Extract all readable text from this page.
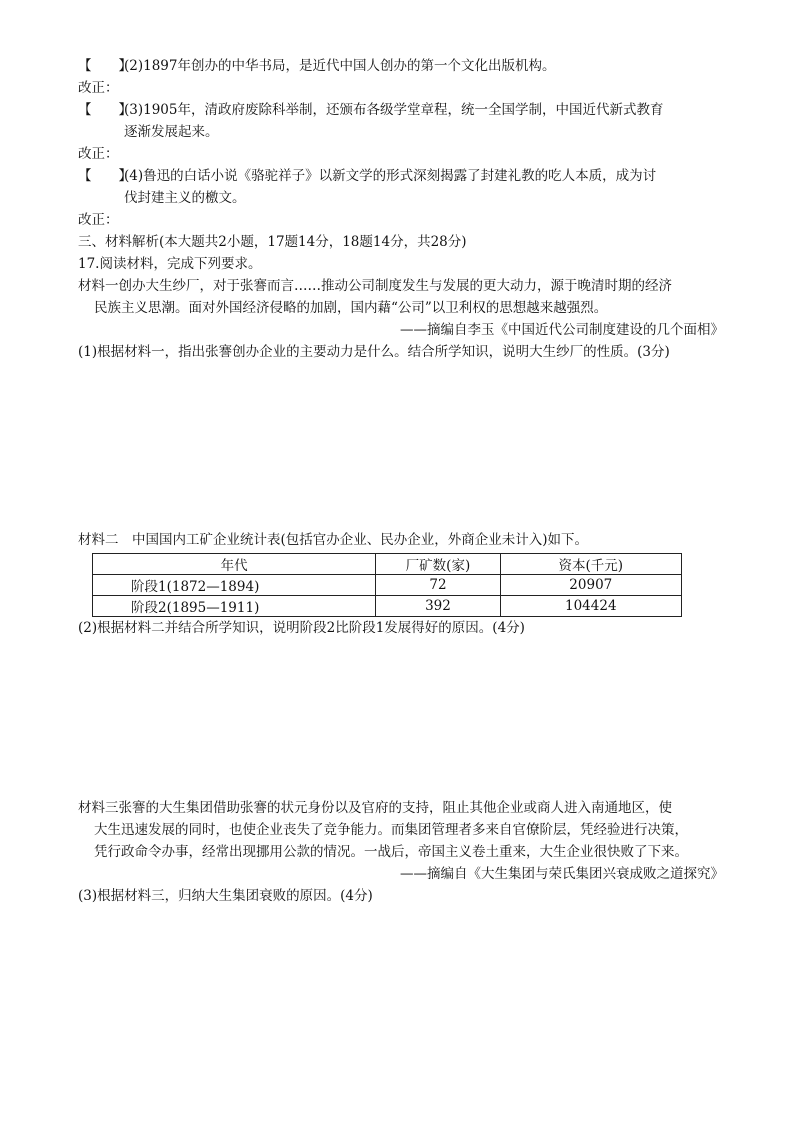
【　　】(2)1897年创办的中华书局，是近代中国人创办的第一个文化出版机构。
改正：
【　　】(3)1905年，清政府废除科举制，还颁布各级学堂章程，统一全国学制，中国近代新式教育
逐渐发展起来。
改正：
【　　】(4)鲁迅的白话小说《骆驼祥子》以新文学的形式深刻揭露了封建礼教的吃人本质，成为讨
伐封建主义的檄文。
改正：
三、材料解析(本大题共2小题，17题14分，18题14分，共28分)
17.阅读材料，完成下列要求。
材料一创办大生纱厂，对于张謇而言……推动公司制度发生与发展的更大动力，源于晚清时期的经济
民族主义思潮。面对外国经济侵略的加剧，国内藉“公司”以卫利权的思想越来越强烈。
——摘编自李玉《中国近代公司制度建设的几个面相》
(1)根据材料一，指出张謇创办企业的主要动力是什么。结合所学知识，说明大生纱厂的性质。(3分)
材料二　中国国内工矿企业统计表(包括官办企业、民办企业，外商企业未计入)如下。
年代	厂矿数(家)	资本(千元)
阶段1(1872—1894)	72	20907
阶段2(1895—1911)	392	104424
(2)根据材料二并结合所学知识，说明阶段2比阶段1发展得好的原因。(4分)
材料三张謇的大生集团借助张謇的状元身份以及官府的支持，阻止其他企业或商人进入南通地区，使
大生迅速发展的同时，也使企业丧失了竞争能力。而集团管理者多来自官僚阶层，凭经验进行决策，
凭行政命令办事，经常出现挪用公款的情况。一战后，帝国主义卷土重来，大生企业很快败了下来。
——摘编自《大生集团与荣氏集团兴衰成败之道探究》
(3)根据材料三，归纳大生集团衰败的原因。(4分)
